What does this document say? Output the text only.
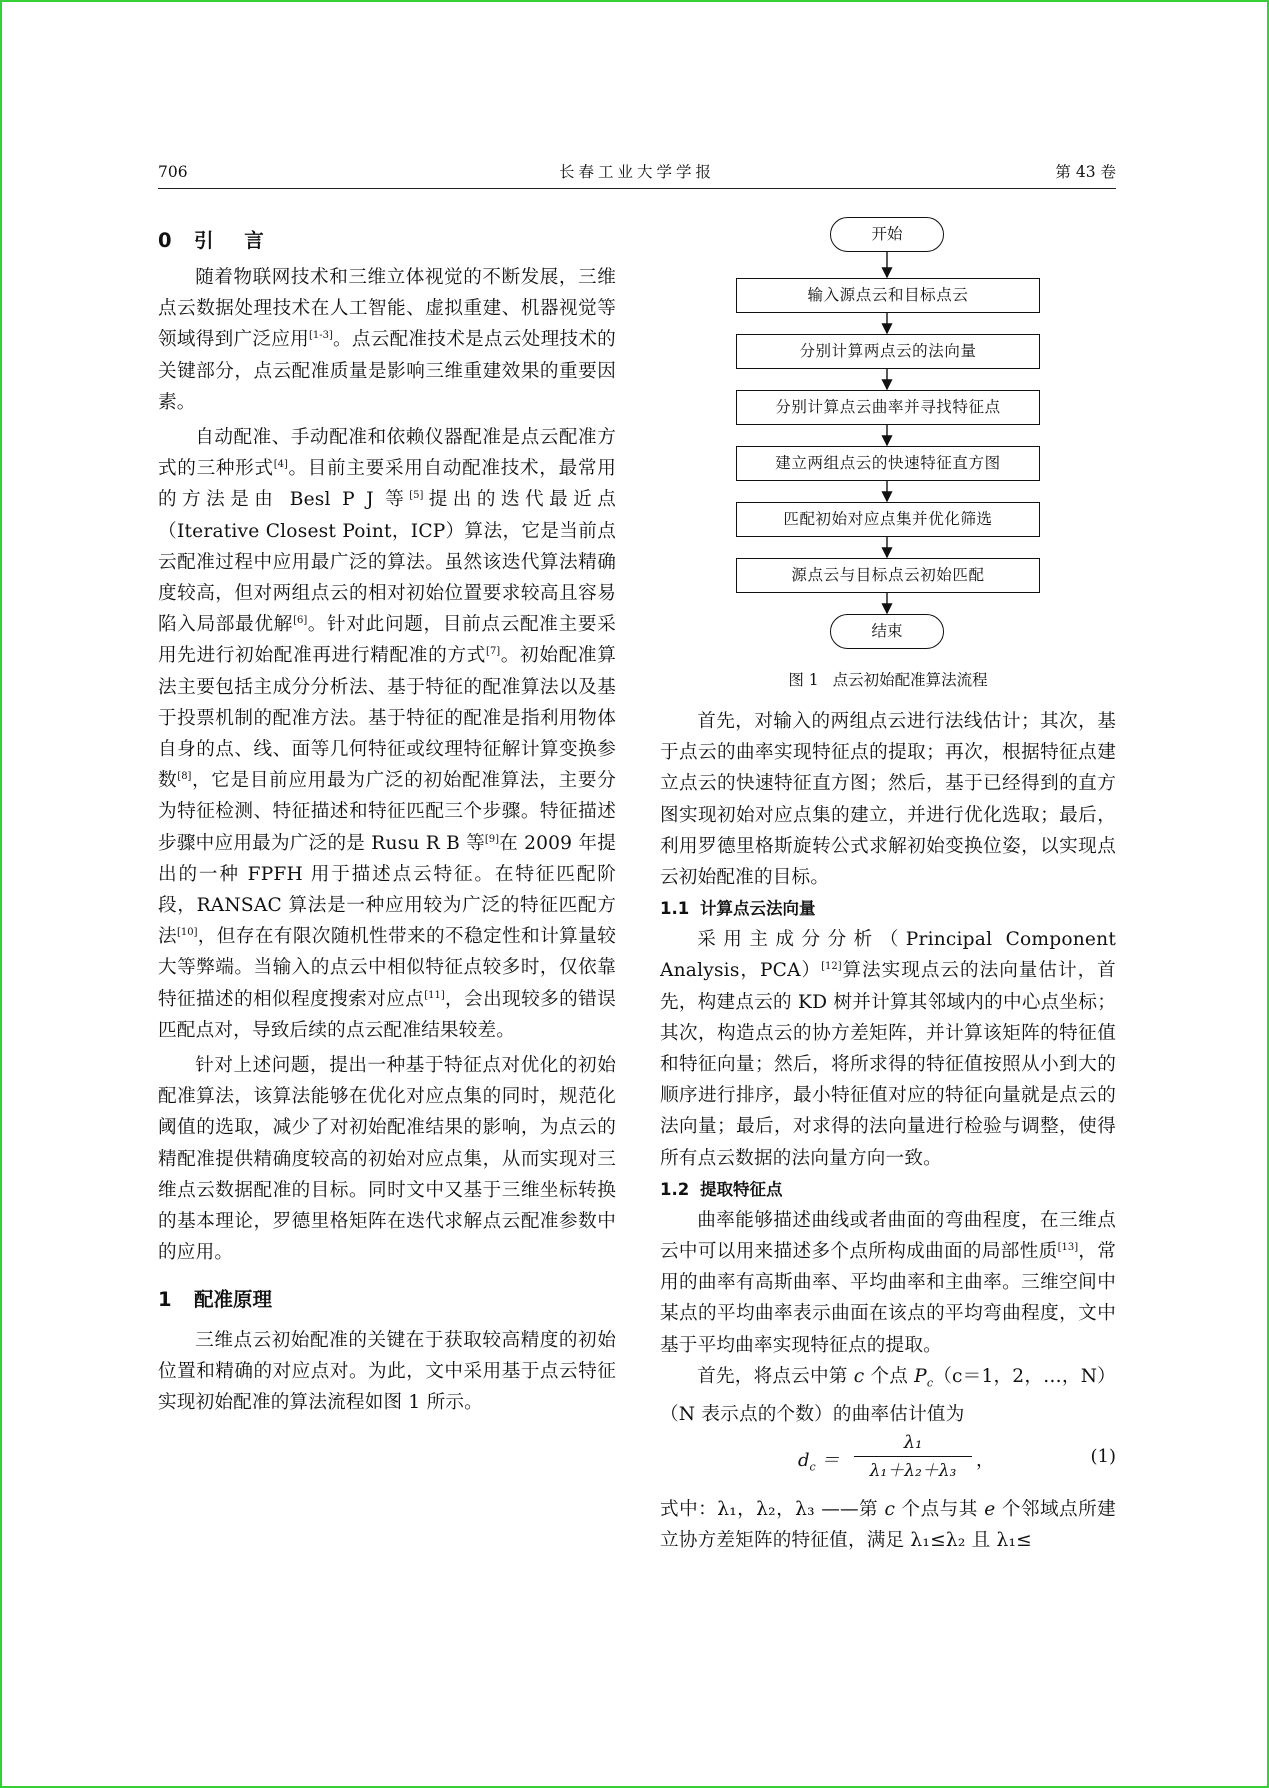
706	长春工业大学学报	第 43 卷
0 引 言

随着物联网技术和三维立体视觉的不断发展，三维点云数据处理技术在人工智能、虚拟重建、机器视觉等领域得到广泛应用[1-3]。点云配准技术是点云处理技术的关键部分，点云配准质量是影响三维重建效果的重要因素。

自动配准、手动配准和依赖仪器配准是点云配准方式的三种形式[4]。目前主要采用自动配准技术，最常用的方法是由 Besl P J 等[5]提出的迭代最近点（Iterative Closest Point，ICP）算法，它是当前点云配准过程中应用最广泛的算法。虽然该迭代算法精确度较高，但对两组点云的相对初始位置要求较高且容易陷入局部最优解[6]。针对此问题，目前点云配准主要采用先进行初始配准再进行精配准的方式[7]。初始配准算法主要包括主成分分析法、基于特征的配准算法以及基于投票机制的配准方法。基于特征的配准是指利用物体自身的点、线、面等几何特征或纹理特征解计算变换参数[8]，它是目前应用最为广泛的初始配准算法，主要分为特征检测、特征描述和特征匹配三个步骤。特征描述步骤中应用最为广泛的是 Rusu R B 等[9]在 2009 年提出的一种 FPFH 用于描述点云特征。在特征匹配阶段，RANSAC 算法是一种应用较为广泛的特征匹配方法[10]，但存在有限次随机性带来的不稳定性和计算量较大等弊端。当输入的点云中相似特征点较多时，仅依靠特征描述的相似程度搜索对应点[11]，会出现较多的错误匹配点对，导致后续的点云配准结果较差。

针对上述问题，提出一种基于特征点对优化的初始配准算法，该算法能够在优化对应点集的同时，规范化阈值的选取，减少了对初始配准结果的影响，为点云的精配准提供精确度较高的初始对应点集，从而实现对三维点云数据配准的目标。同时文中又基于三维坐标转换的基本理论，罗德里格矩阵在迭代求解点云配准参数中的应用。

1 配准原理

三维点云初始配准的关键在于获取较高精度的初始位置和精确的对应点对。为此，文中采用基于点云特征实现初始配准的算法流程如图 1 所示。

开始
输入源点云和目标点云
分别计算两点云的法向量
分别计算点云曲率并寻找特征点
建立两组点云的快速特征直方图
匹配初始对应点集并优化筛选
源点云与目标点云初始匹配
结束
图 1 点云初始配准算法流程

首先，对输入的两组点云进行法线估计；其次，基于点云的曲率实现特征点的提取；再次，根据特征点建立点云的快速特征直方图；然后，基于已经得到的直方图实现初始对应点集的建立，并进行优化选取；最后，利用罗德里格斯旋转公式求解初始变换位姿，以实现点云初始配准的目标。

1.1 计算点云法向量

采用主成分分析（Principal Component Analysis，PCA）[12]算法实现点云的法向量估计，首先，构建点云的 KD 树并计算其邻域内的中心点坐标；其次，构造点云的协方差矩阵，并计算该矩阵的特征值和特征向量；然后，将所求得的特征值按照从小到大的顺序进行排序，最小特征值对应的特征向量就是点云的法向量；最后，对求得的法向量进行检验与调整，使得所有点云数据的法向量方向一致。

1.2 提取特征点

曲率能够描述曲线或者曲面的弯曲程度，在三维点云中可以用来描述多个点所构成曲面的局部性质[13]，常用的曲率有高斯曲率、平均曲率和主曲率。三维空间中某点的平均曲率表示曲面在该点的平均弯曲程度，文中基于平均曲率实现特征点的提取。

首先，将点云中第 c 个点 $P_c(c=1$，2，…，N）（N 表示点的个数）的曲率估计值为

$d_c = \frac{\text{λ₁}}{\text{λ₁＋λ₂＋λ₃}}$ ，	(1)

式中：λ₁，λ₂，λ₃ ——第 c 个点与其 e 个邻域点所建立协方差矩阵的特征值，满足 λ₁≤λ₂ 且 λ₁≤
